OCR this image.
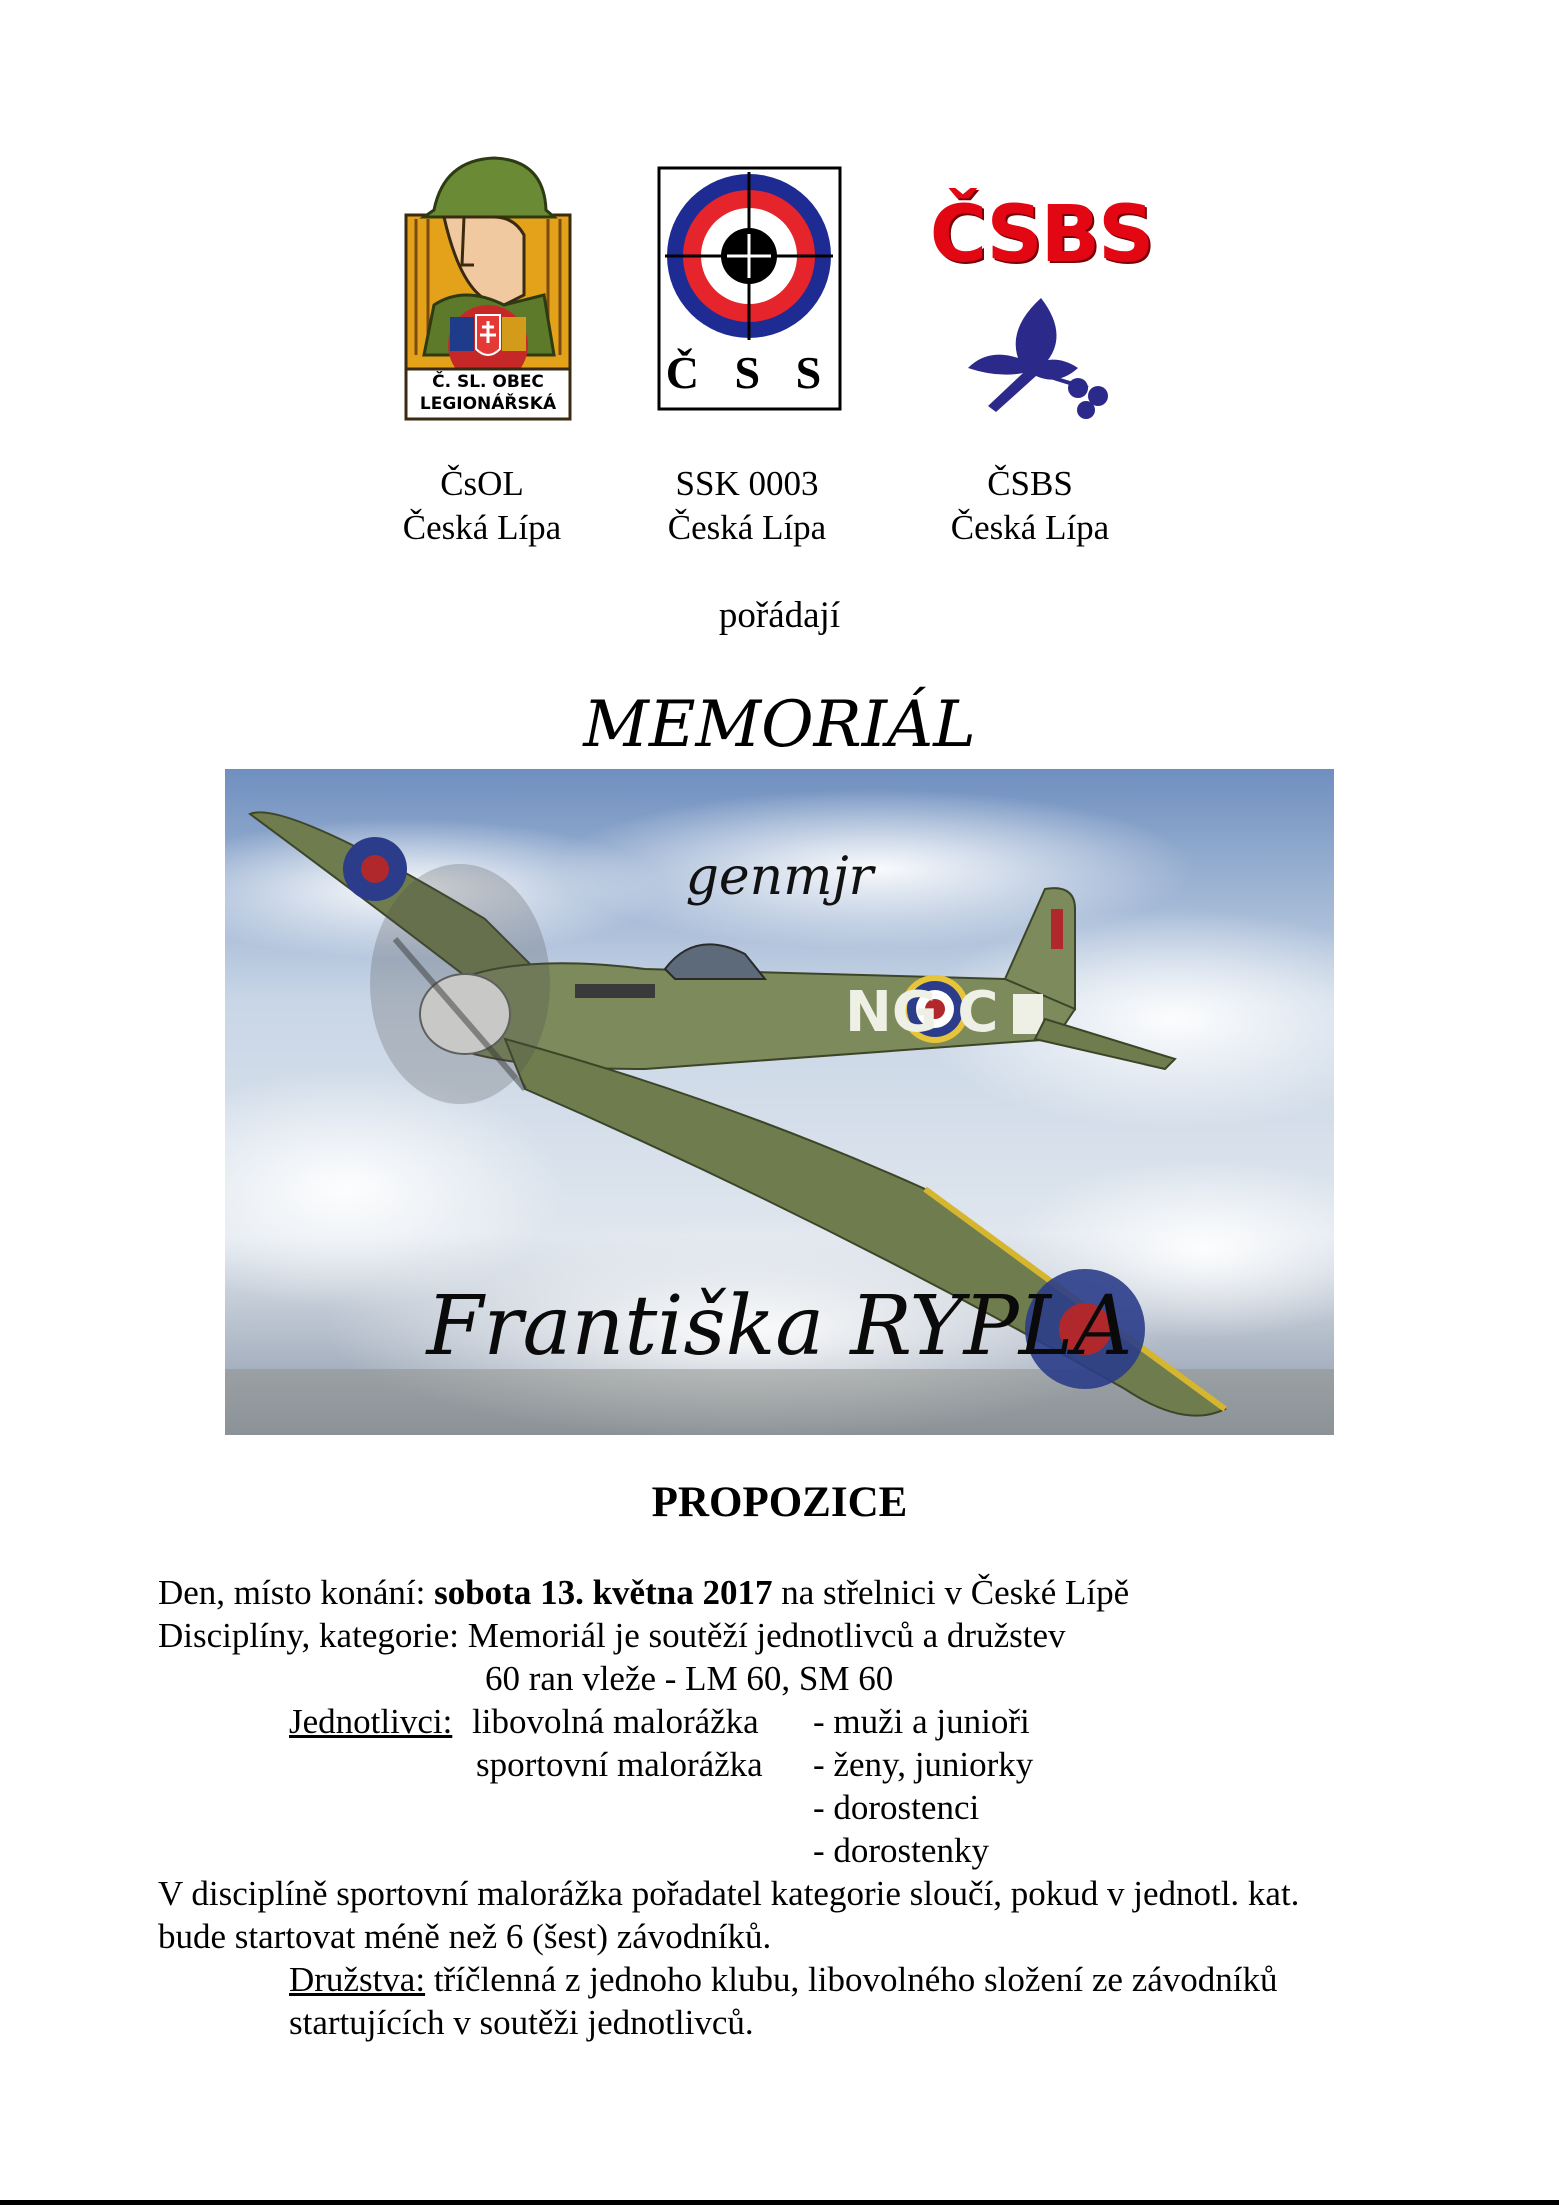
Č. SL. OBEC
LEGIONÁŘSKÁ
Č S S
ČSBS
ČsOL
Česká Lípa
SSK 0003
Česká Lípa
ČSBS
Česká Lípa
pořádají
MEMORIÁL
NG C
genmjr
Františka RYPLA
PROPOZICE
Den, místo konání: sobota 13. května 2017 na střelnici v České Lípě
Disciplíny, kategorie: Memoriál je soutěží jednotlivců a družstev
60 ran vleže - LM 60, SM 60
Jednotlivci: libovolná malorážka
sportovní malorážka
- muži a junioři
- ženy, juniorky
- dorostenci
- dorostenky
V disciplíně sportovní malorážka pořadatel kategorie sloučí, pokud v jednotl. kat.
bude startovat méně než 6 (šest) závodníků.
Družstva: tříčlenná z jednoho klubu, libovolného složení ze závodníků
startujících v soutěži jednotlivců.
